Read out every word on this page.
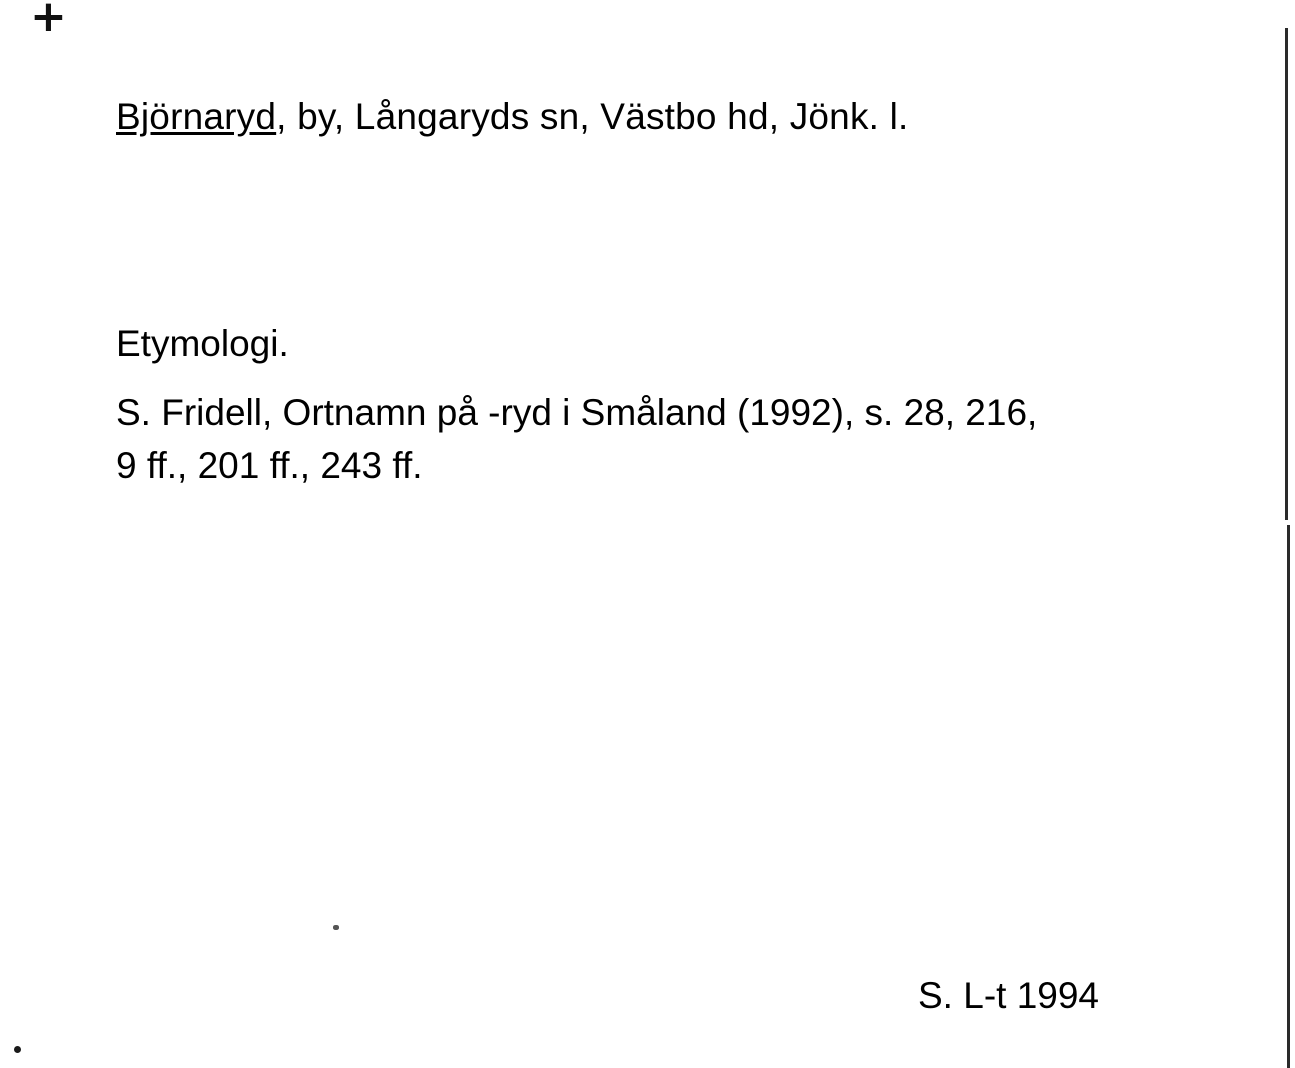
+
Björnaryd, by, Långaryds sn, Västbo hd, Jönk. l.
Etymologi.
S. Fridell, Ortnamn på -ryd i Småland (1992), s. 28, 216,
9 ff., 201 ff., 243 ff.
S. L-t 1994
